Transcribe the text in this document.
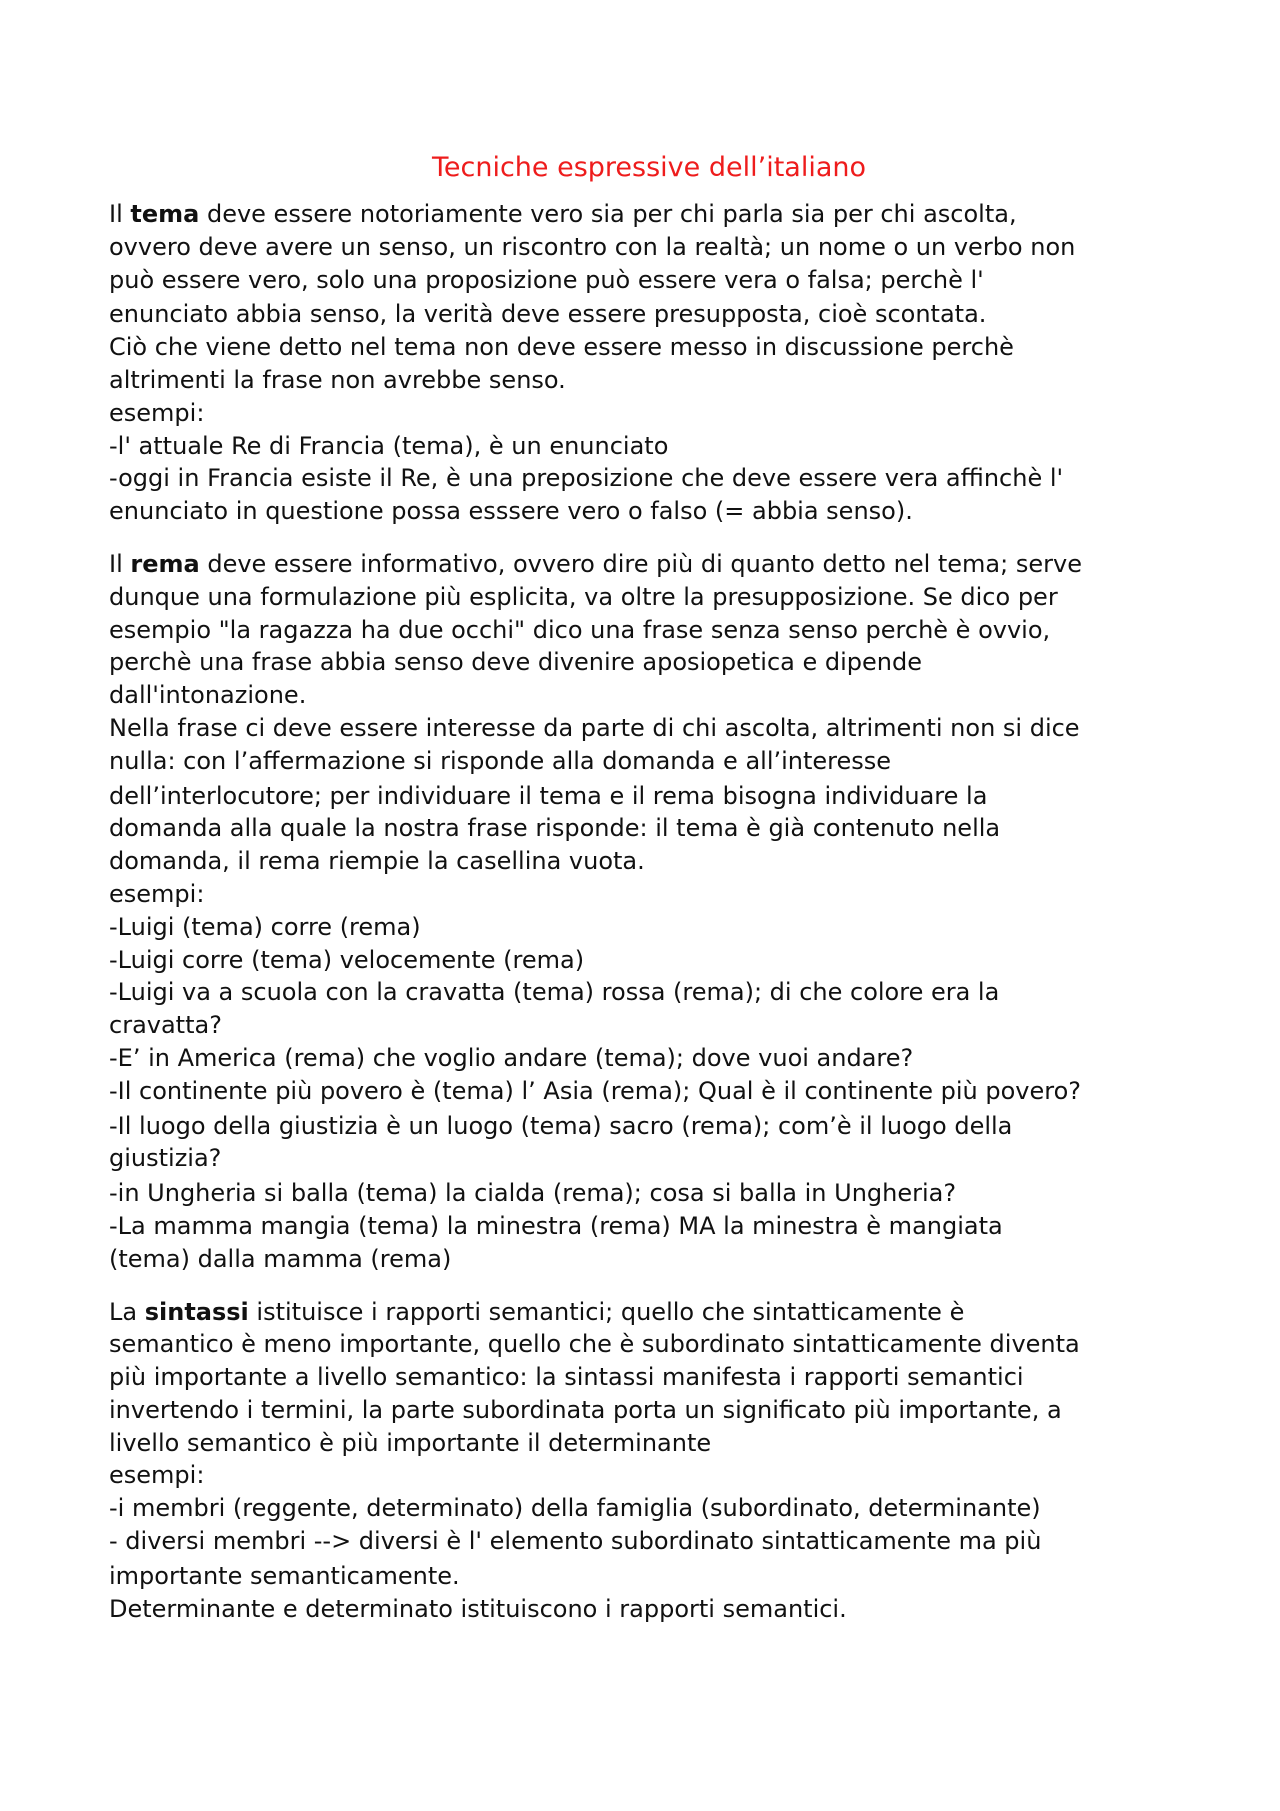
Tecniche espressive dell’italiano

Il tema deve essere notoriamente vero sia per chi parla sia per chi ascolta,

ovvero deve avere un senso, un riscontro con la realtà; un nome o un verbo non

può essere vero, solo una proposizione può essere vera o falsa; perchè l'

enunciato abbia senso, la verità deve essere presupposta, cioè scontata.

Ciò che viene detto nel tema non deve essere messo in discussione perchè

altrimenti la frase non avrebbe senso.

esempi:

-l' attuale Re di Francia (tema), è un enunciato

-oggi in Francia esiste il Re, è una preposizione che deve essere vera affinchè l'

enunciato in questione possa esssere vero o falso (= abbia senso).

Il rema deve essere informativo, ovvero dire più di quanto detto nel tema; serve

dunque una formulazione più esplicita, va oltre la presupposizione. Se dico per

esempio "la ragazza ha due occhi" dico una frase senza senso perchè è ovvio,

perchè una frase abbia senso deve divenire aposiopetica e dipende

dall'intonazione.

Nella frase ci deve essere interesse da parte di chi ascolta, altrimenti non si dice

nulla: con l’affermazione si risponde alla domanda e all’interesse

dell’interlocutore; per individuare il tema e il rema bisogna individuare la

domanda alla quale la nostra frase risponde: il tema è già contenuto nella

domanda, il rema riempie la casellina vuota.

esempi:

-Luigi (tema) corre (rema)

-Luigi corre (tema) velocemente (rema)

-Luigi va a scuola con la cravatta (tema) rossa (rema); di che colore era la

cravatta?

-E’ in America (rema) che voglio andare (tema); dove vuoi andare?

-Il continente più povero è (tema) l’ Asia (rema); Qual è il continente più povero?

-Il luogo della giustizia è un luogo (tema) sacro (rema); com’è il luogo della

giustizia?

-in Ungheria si balla (tema) la cialda (rema); cosa si balla in Ungheria?

-La mamma mangia (tema) la minestra (rema) MA la minestra è mangiata

(tema) dalla mamma (rema)

La sintassi istituisce i rapporti semantici; quello che sintatticamente è

semantico è meno importante, quello che è subordinato sintatticamente diventa

più importante a livello semantico: la sintassi manifesta i rapporti semantici

invertendo i termini, la parte subordinata porta un significato più importante, a

livello semantico è più importante il determinante

esempi:

-i membri (reggente, determinato) della famiglia (subordinato, determinante)

- diversi membri --> diversi è l' elemento subordinato sintatticamente ma più

importante semanticamente.

Determinante e determinato istituiscono i rapporti semantici.
